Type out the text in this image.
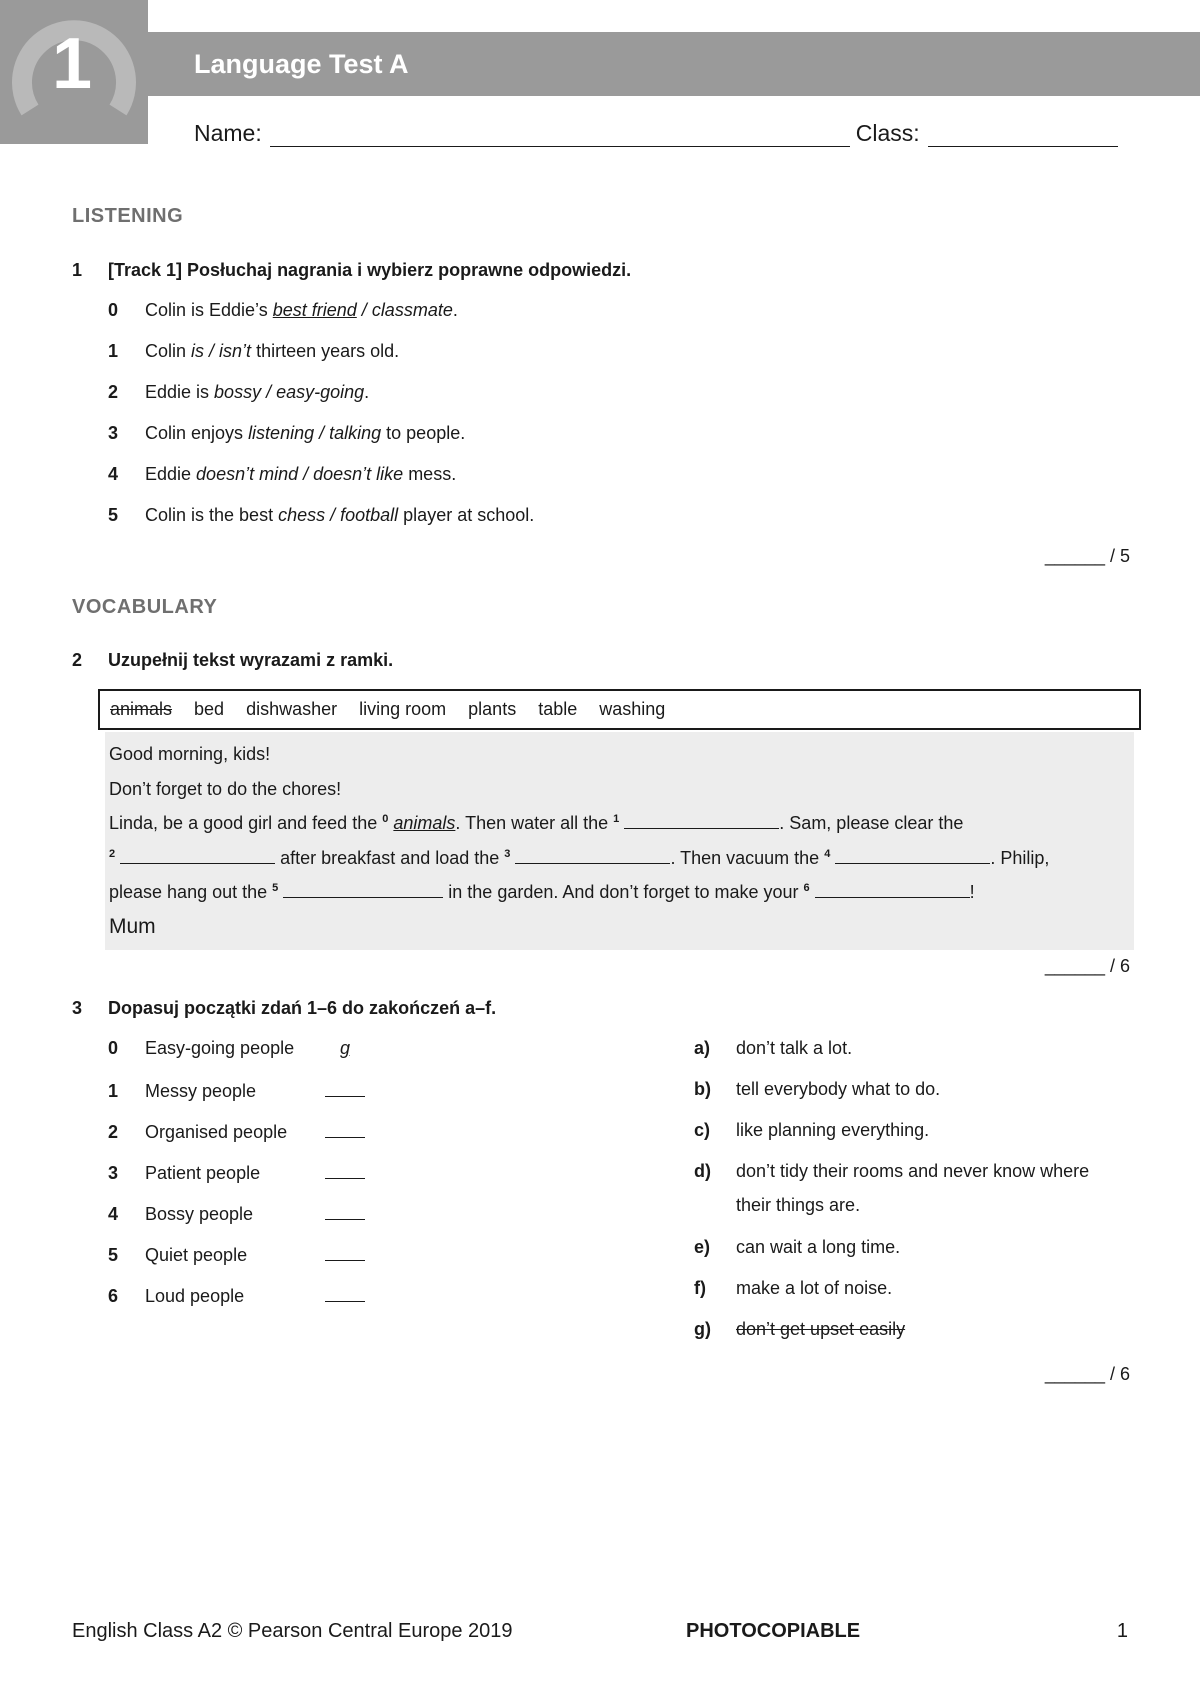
1	Language Test A
Name:	Class:
LISTENING
1 [Track 1] Posłuchaj nagrania i wybierz poprawne odpowiedzi.
0 Colin is Eddie’s best friend / classmate.
1 Colin is / isn’t thirteen years old.
2 Eddie is bossy / easy-going.
3 Colin enjoys listening / talking to people.
4 Eddie doesn’t mind / doesn’t like mess.
5 Colin is the best chess / football player at school.
______ / 5
VOCABULARY
2 Uzupełnij tekst wyrazami z ramki.
animals bed dishwasher living room plants table washing
Good morning, kids!
Don’t forget to do the chores!
Linda, be a good girl and feed the $^0$ animals. Then water all the $^1$	. Sam, please clear the
$^2$	after breakfast and load the $^3$	. Then vacuum the $^4$	. Philip,
please hang out the $^5$	in the garden. And don’t forget to make your $^6$	!
Mum
______ / 6
3 Dopasuj początki zdań 1–6 do zakończeń a–f.
0 Easy-going people	g
1 Messy people
2 Organised people
3 Patient people
4 Bossy people
5 Quiet people
6 Loud people
a) don’t talk a lot.
b) tell everybody what to do.
c) like planning everything.
d) don’t tidy their rooms and never know where their things are.
e) can wait a long time.
f) make a lot of noise.
g) don’t get upset easily
______ / 6
English Class A2 © Pearson Central Europe 2019	PHOTOCOPIABLE	1
